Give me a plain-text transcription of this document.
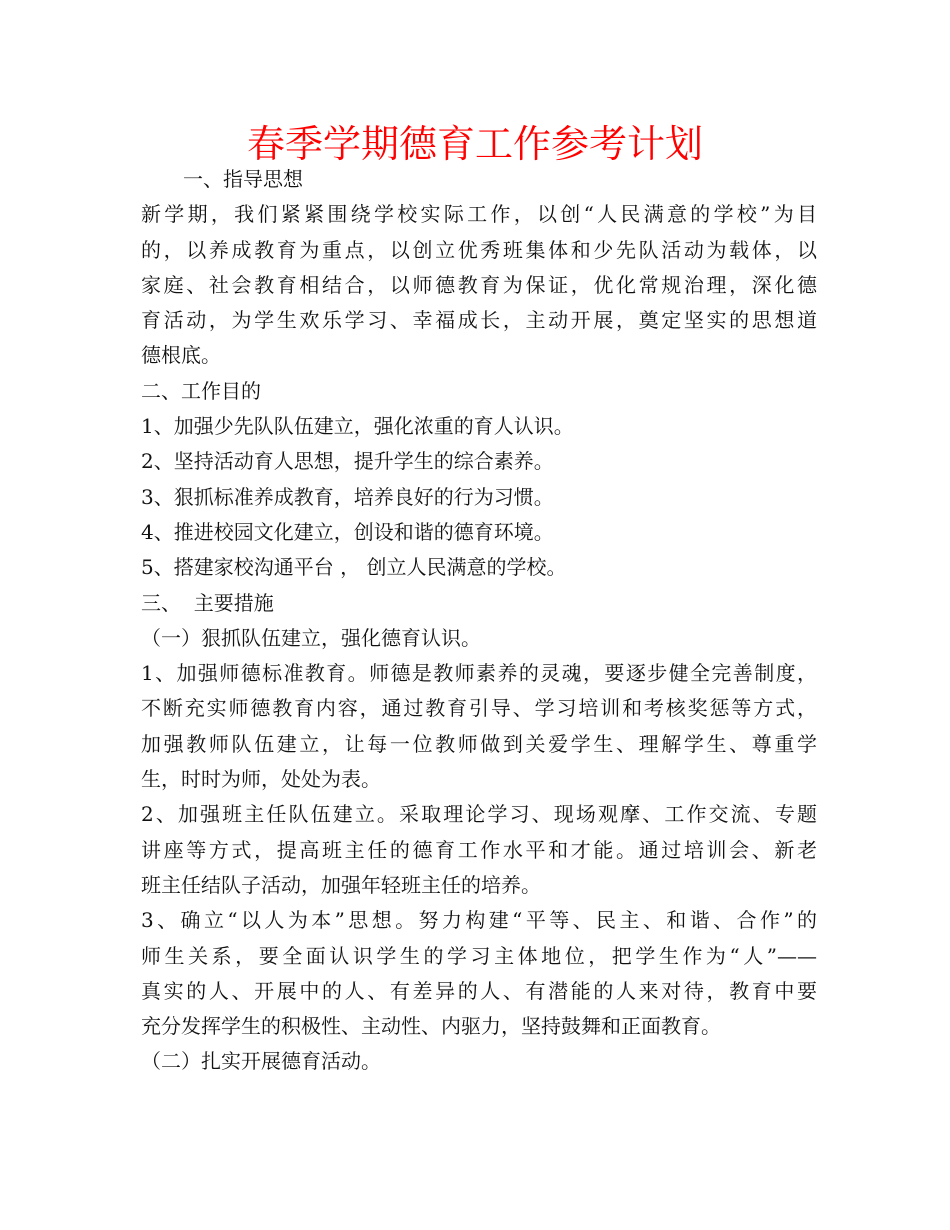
春季学期德育工作参考计划
一、指导思想
新学期，我们紧紧围绕学校实际工作，以创“人民满意的学校”为目
的，以养成教育为重点，以创立优秀班集体和少先队活动为载体，以
家庭、社会教育相结合，以师德教育为保证，优化常规治理，深化德
育活动，为学生欢乐学习、幸福成长，主动开展，奠定坚实的思想道
德根底。
二、工作目的
1、加强少先队队伍建立，强化浓重的育人认识。
2、坚持活动育人思想，提升学生的综合素养。
3、狠抓标准养成教育，培养良好的行为习惯。
4、推进校园文化建立，创设和谐的德育环境。
5、搭建家校沟通平台 ， 创立人民满意的学校。
三、  主要措施
（一）狠抓队伍建立，强化德育认识。
1、加强师德标准教育。师德是教师素养的灵魂，要逐步健全完善制度，
不断充实师德教育内容，通过教育引导、学习培训和考核奖惩等方式，
加强教师队伍建立，让每一位教师做到关爱学生、理解学生、尊重学
生，时时为师，处处为表。
2、加强班主任队伍建立。采取理论学习、现场观摩、工作交流、专题
讲座等方式，提高班主任的德育工作水平和才能。通过培训会、新老
班主任结队子活动，加强年轻班主任的培养。
3、确立“以人为本”思想。努力构建“平等、民主、和谐、合作”的
师生关系，要全面认识学生的学习主体地位，把学生作为“人”——
真实的人、开展中的人、有差异的人、有潜能的人来对待，教育中要
充分发挥学生的积极性、主动性、内驱力，坚持鼓舞和正面教育。
（二）扎实开展德育活动。
